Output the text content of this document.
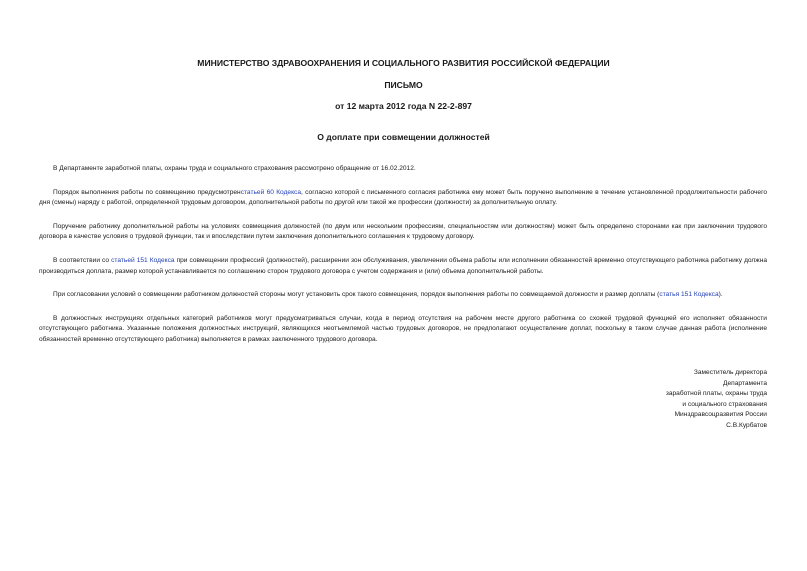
МИНИСТЕРСТВО ЗДРАВООХРАНЕНИЯ И СОЦИАЛЬНОГО РАЗВИТИЯ РОССИЙСКОЙ ФЕДЕРАЦИИ
ПИСЬМО
от 12 марта 2012 года N 22-2-897
О доплате при совмещении должностей

В Департаменте заработной платы, охраны труда и социального страхования рассмотрено обращение от 16.02.2012.

Порядок выполнения работы по совмещению предусмотренстатьей 60 Кодекса, согласно которой с письменного согласия работника ему может быть поручено выполнение в течение установленной продолжительности рабочего дня (смены) наряду с работой, определенной трудовым договором, дополнительной работы по другой или такой же профессии (должности) за дополнительную оплату.

Поручение работнику дополнительной работы на условиях совмещения должностей (по двум или нескольким профессиям, специальностям или должностям) может быть определено сторонами как при заключении трудового договора в качестве условия о трудовой функции, так и впоследствии путем заключения дополнительного соглашения к трудовому договору.

В соответствии со статьей 151 Кодекса при совмещении профессий (должностей), расширении зон обслуживания, увеличении объема работы или исполнении обязанностей временно отсутствующего работника работнику должна производиться доплата, размер которой устанавливается по соглашению сторон трудового договора с учетом содержания и (или) объема дополнительной работы.

При согласовании условий о совмещении работником должностей стороны могут установить срок такого совмещения, порядок выполнения работы по совмещаемой должности и размер доплаты (статья 151 Кодекса).

В должностных инструкциях отдельных категорий работников могут предусматриваться случаи, когда в период отсутствия на рабочем месте другого работника со схожей трудовой функцией его исполняет обязанности отсутствующего работника. Указанные положения должностных инструкций, являющихся неотъемлемой частью трудовых договоров, не предполагают осуществление доплат, поскольку в таком случае данная работа (исполнение обязанностей временно отсутствующего работника) выполняется в рамках заключенного трудового договора.

Заместитель директора
Департамента
заработной платы, охраны труда
и социального страхования
Минздравсоцразвития России
С.В.Курбатов
